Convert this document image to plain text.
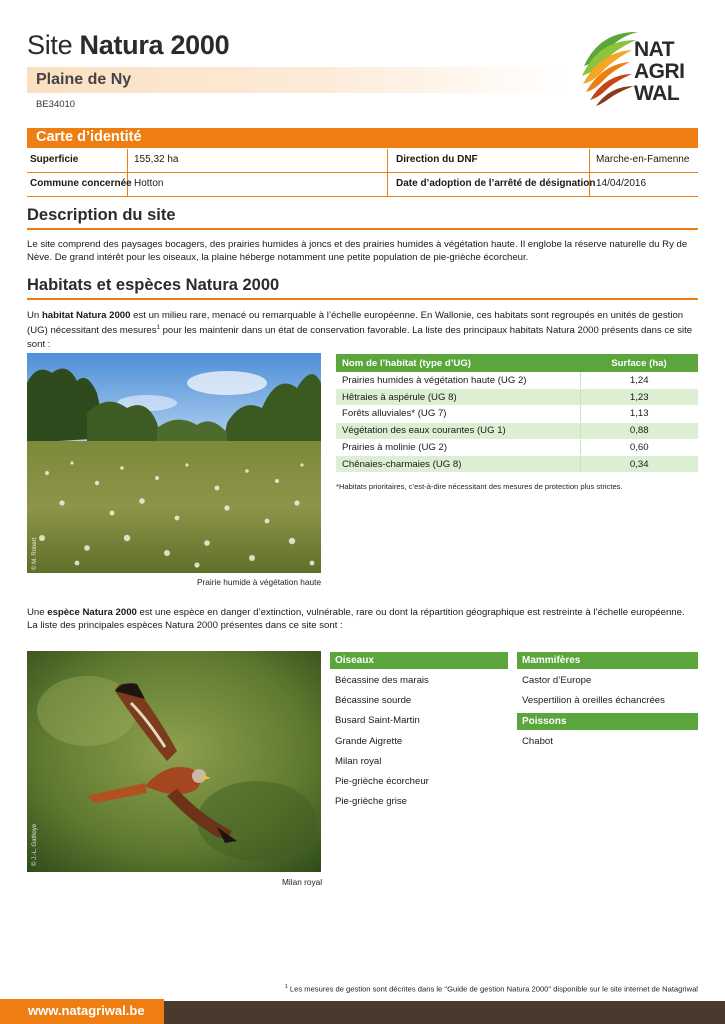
Site Natura 2000
Plaine de Ny
BE34010
NAT
AGRI
WAL
Carte d’identité
Superficie	155,32 ha	Direction du DNF	Marche-en-Famenne
Commune concernée Hotton	Date d’adoption de l’arrêté de désignation 14/04/2016
Description du site
Le site comprend des paysages bocagers, des prairies humides à joncs et des prairies humides à végétation haute. Il englobe la réserve naturelle du Ry de Nève. De grand intérêt pour les oiseaux, la plaine héberge notamment une petite population de pie-grièche écorcheur.
Habitats et espèces Natura 2000
Un habitat Natura 2000 est un milieu rare, menacé ou remarquable à l’échelle européenne. En Wallonie, ces habitats sont regroupés en unités de gestion (UG) nécessitant des mesures$^1$ pour les maintenir dans un état de conservation favorable. La liste des principaux habitats Natura 2000 présents dans ce site sont :
© M. Robert
Prairie humide à végétation haute
Nom de l’habitat (type d’UG)	Surface (ha)
Prairies humides à végétation haute (UG 2)	1,24
Hêtraies à aspérule (UG 8)	1,23
Forêts alluviales* (UG 7)	1,13
Végétation des eaux courantes (UG 1)	0,88
Prairies à molinie (UG 2)	0,60
Chênaies-charmaies (UG 8)	0,34
*Habitats prioritaires, c’est-à-dire nécessitant des mesures de protection plus strictes.
Une espèce Natura 2000 est une espèce en danger d’extinction, vulnérable, rare ou dont la répartition géographique est restreinte à l’échelle européenne.
La liste des principales espèces Natura 2000 présentes dans ce site sont :
© J.-L. Gathoye
Milan royal
Oiseaux
Bécassine des marais
Bécassine sourde
Busard Saint-Martin
Grande Aigrette
Milan royal
Pie-grièche écorcheur
Pie-grièche grise
Mammifères
Castor d’Europe
Vespertilion à oreilles échancrées
Poissons
Chabot
$^1$ Les mesures de gestion sont décrites dans le "Guide de gestion Natura 2000" disponible sur le site internet de Natagriwal
www.natagriwal.be
